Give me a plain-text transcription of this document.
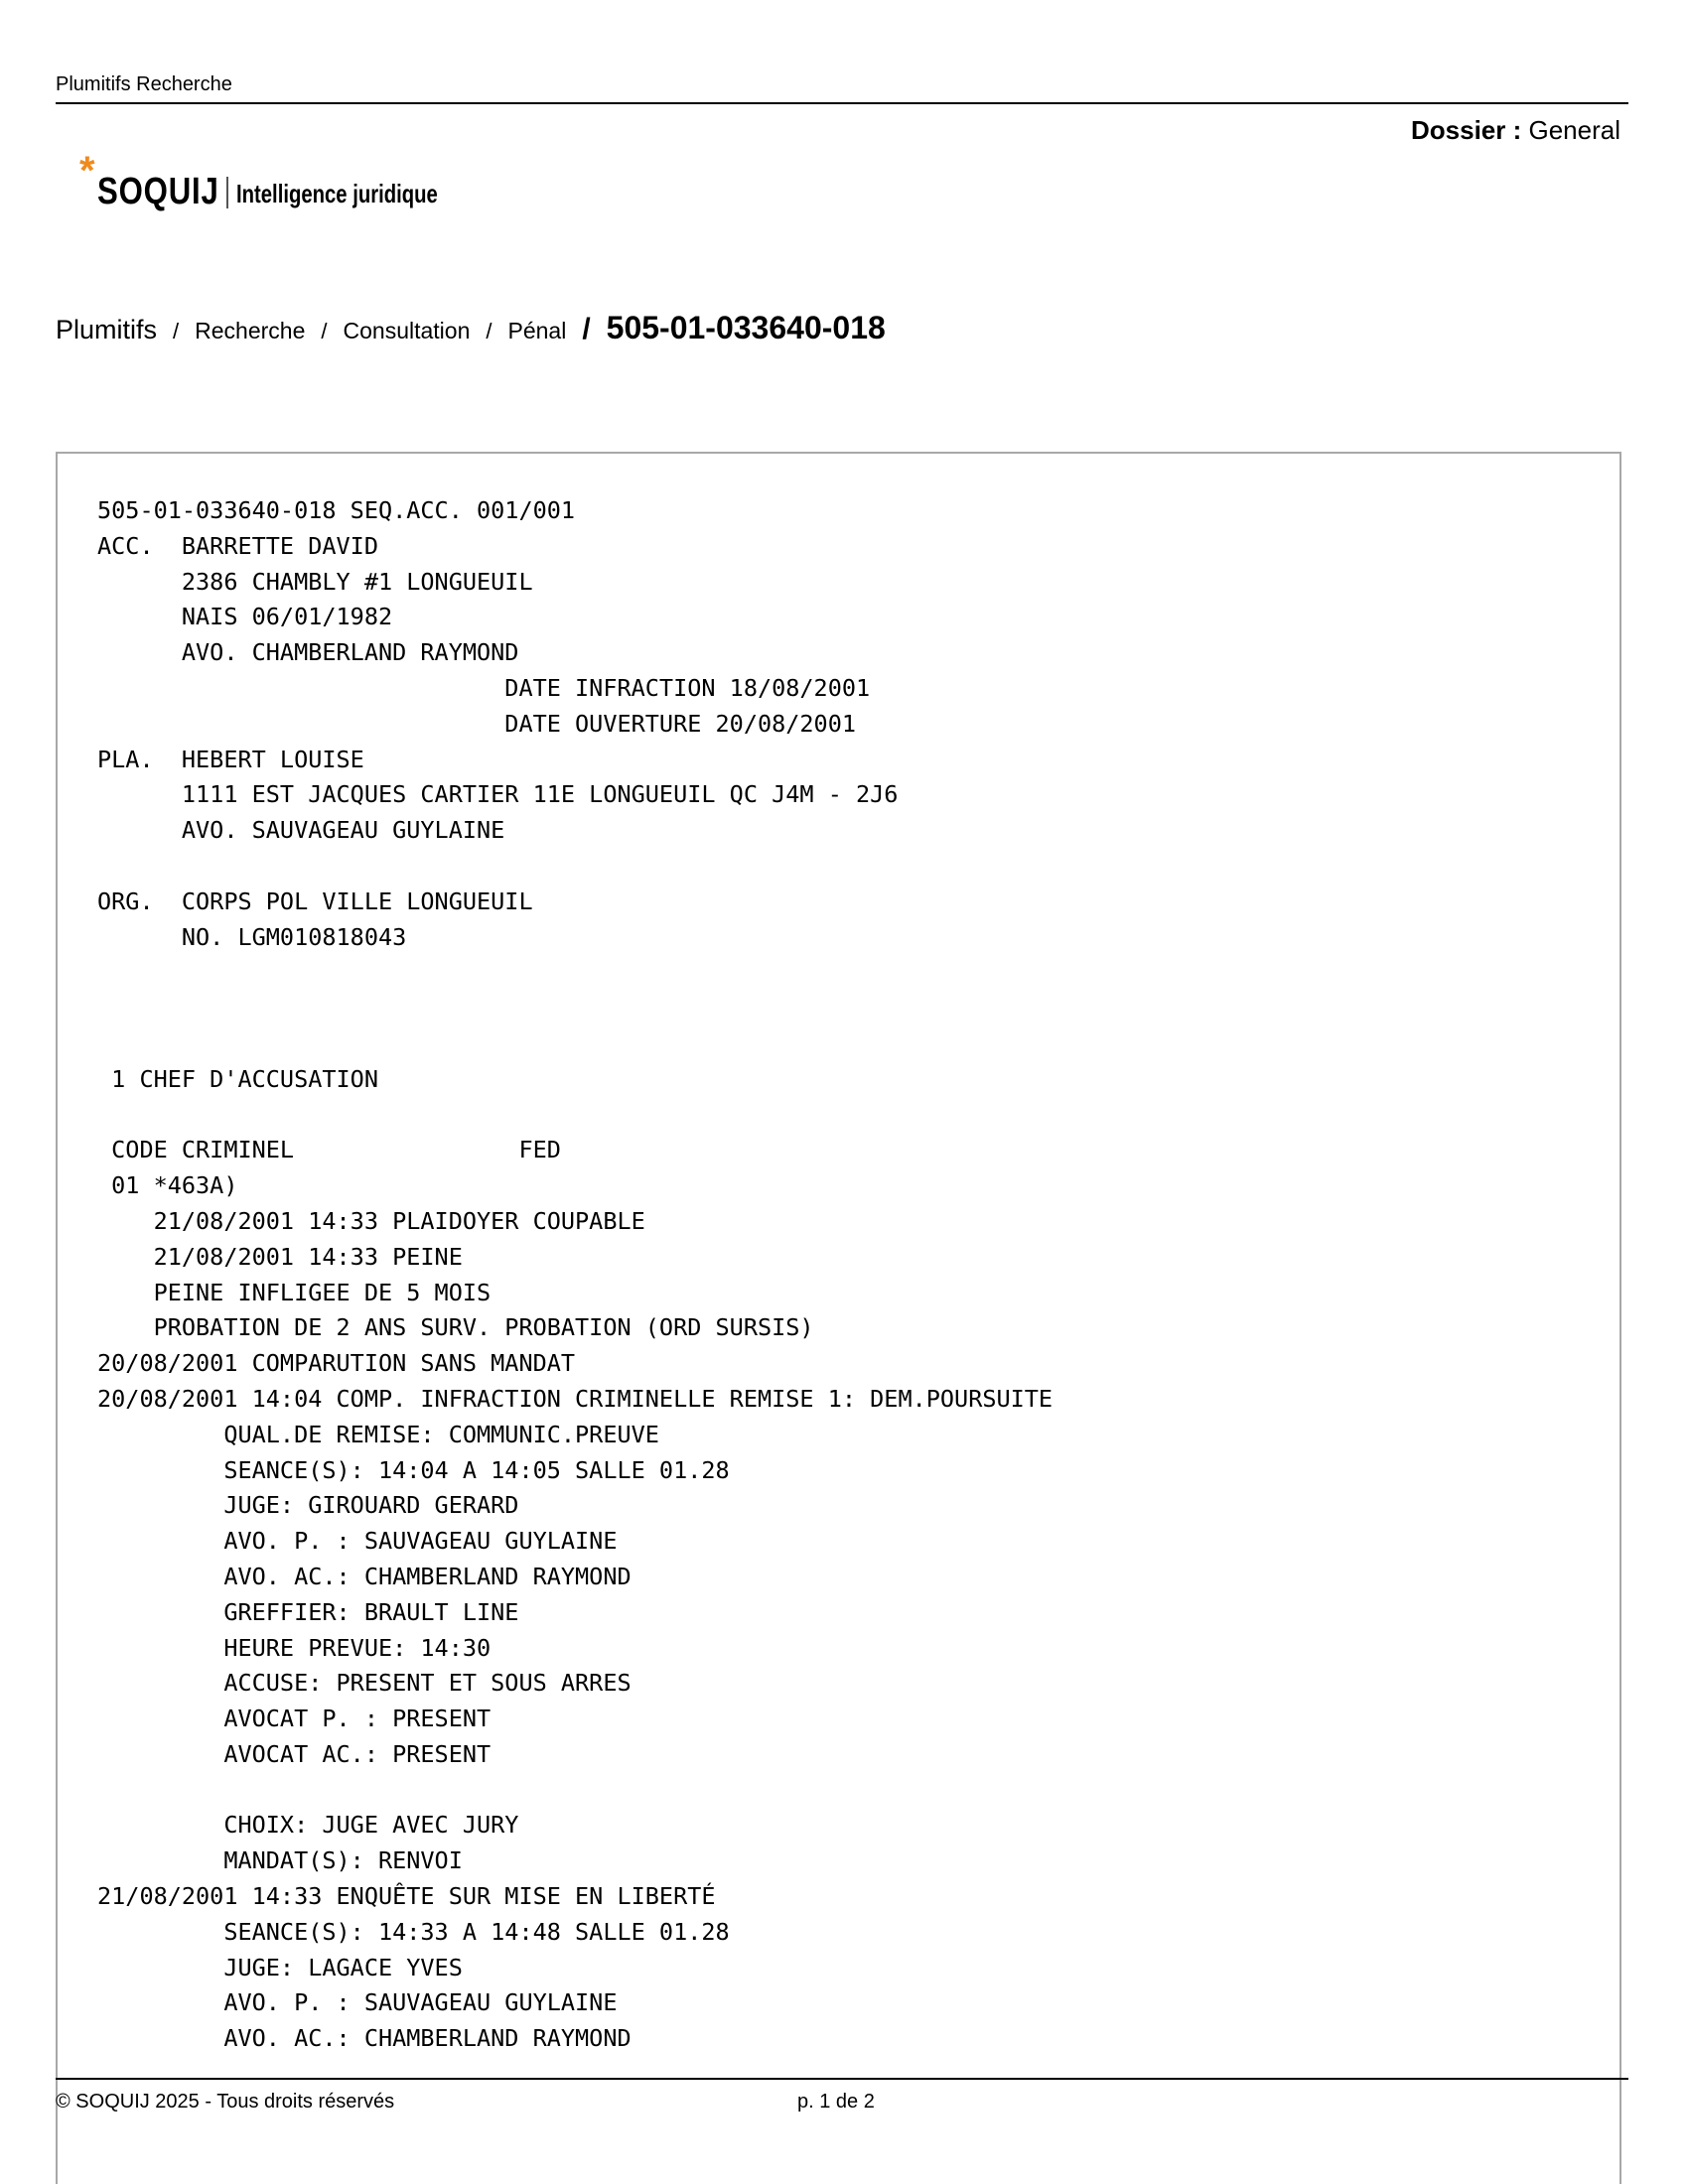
Plumitifs Recherche
Dossier : General
* SOQUIJ Intelligence juridique
Plumitifs / Recherche / Consultation / Pénal / 505-01-033640-018
505-01-033640-018 SEQ.ACC. 001/001
ACC.  BARRETTE DAVID
2386 CHAMBLY #1 LONGUEUIL
NAIS 06/01/1982
AVO. CHAMBERLAND RAYMOND
DATE INFRACTION 18/08/2001
DATE OUVERTURE 20/08/2001
PLA.  HEBERT LOUISE
1111 EST JACQUES CARTIER 11E LONGUEUIL QC J4M - 2J6
AVO. SAUVAGEAU GUYLAINE

ORG.  CORPS POL VILLE LONGUEUIL
NO. LGM010818043

1 CHEF D'ACCUSATION

CODE CRIMINEL                FED
01 *463A)
21/08/2001 14:33 PLAIDOYER COUPABLE
21/08/2001 14:33 PEINE
PEINE INFLIGEE DE 5 MOIS
PROBATION DE 2 ANS SURV. PROBATION (ORD SURSIS)
20/08/2001 COMPARUTION SANS MANDAT
20/08/2001 14:04 COMP. INFRACTION CRIMINELLE REMISE 1: DEM.POURSUITE
QUAL.DE REMISE: COMMUNIC.PREUVE
SEANCE(S): 14:04 A 14:05 SALLE 01.28
JUGE: GIROUARD GERARD
AVO. P. : SAUVAGEAU GUYLAINE
AVO. AC.: CHAMBERLAND RAYMOND
GREFFIER: BRAULT LINE
HEURE PREVUE: 14:30
ACCUSE: PRESENT ET SOUS ARRES
AVOCAT P. : PRESENT
AVOCAT AC.: PRESENT

CHOIX: JUGE AVEC JURY
MANDAT(S): RENVOI
21/08/2001 14:33 ENQUÊTE SUR MISE EN LIBERTÉ
SEANCE(S): 14:33 A 14:48 SALLE 01.28
JUGE: LAGACE YVES
AVO. P. : SAUVAGEAU GUYLAINE
AVO. AC.: CHAMBERLAND RAYMOND
© SOQUIJ 2025 - Tous droits réservés	p. 1 de 2
